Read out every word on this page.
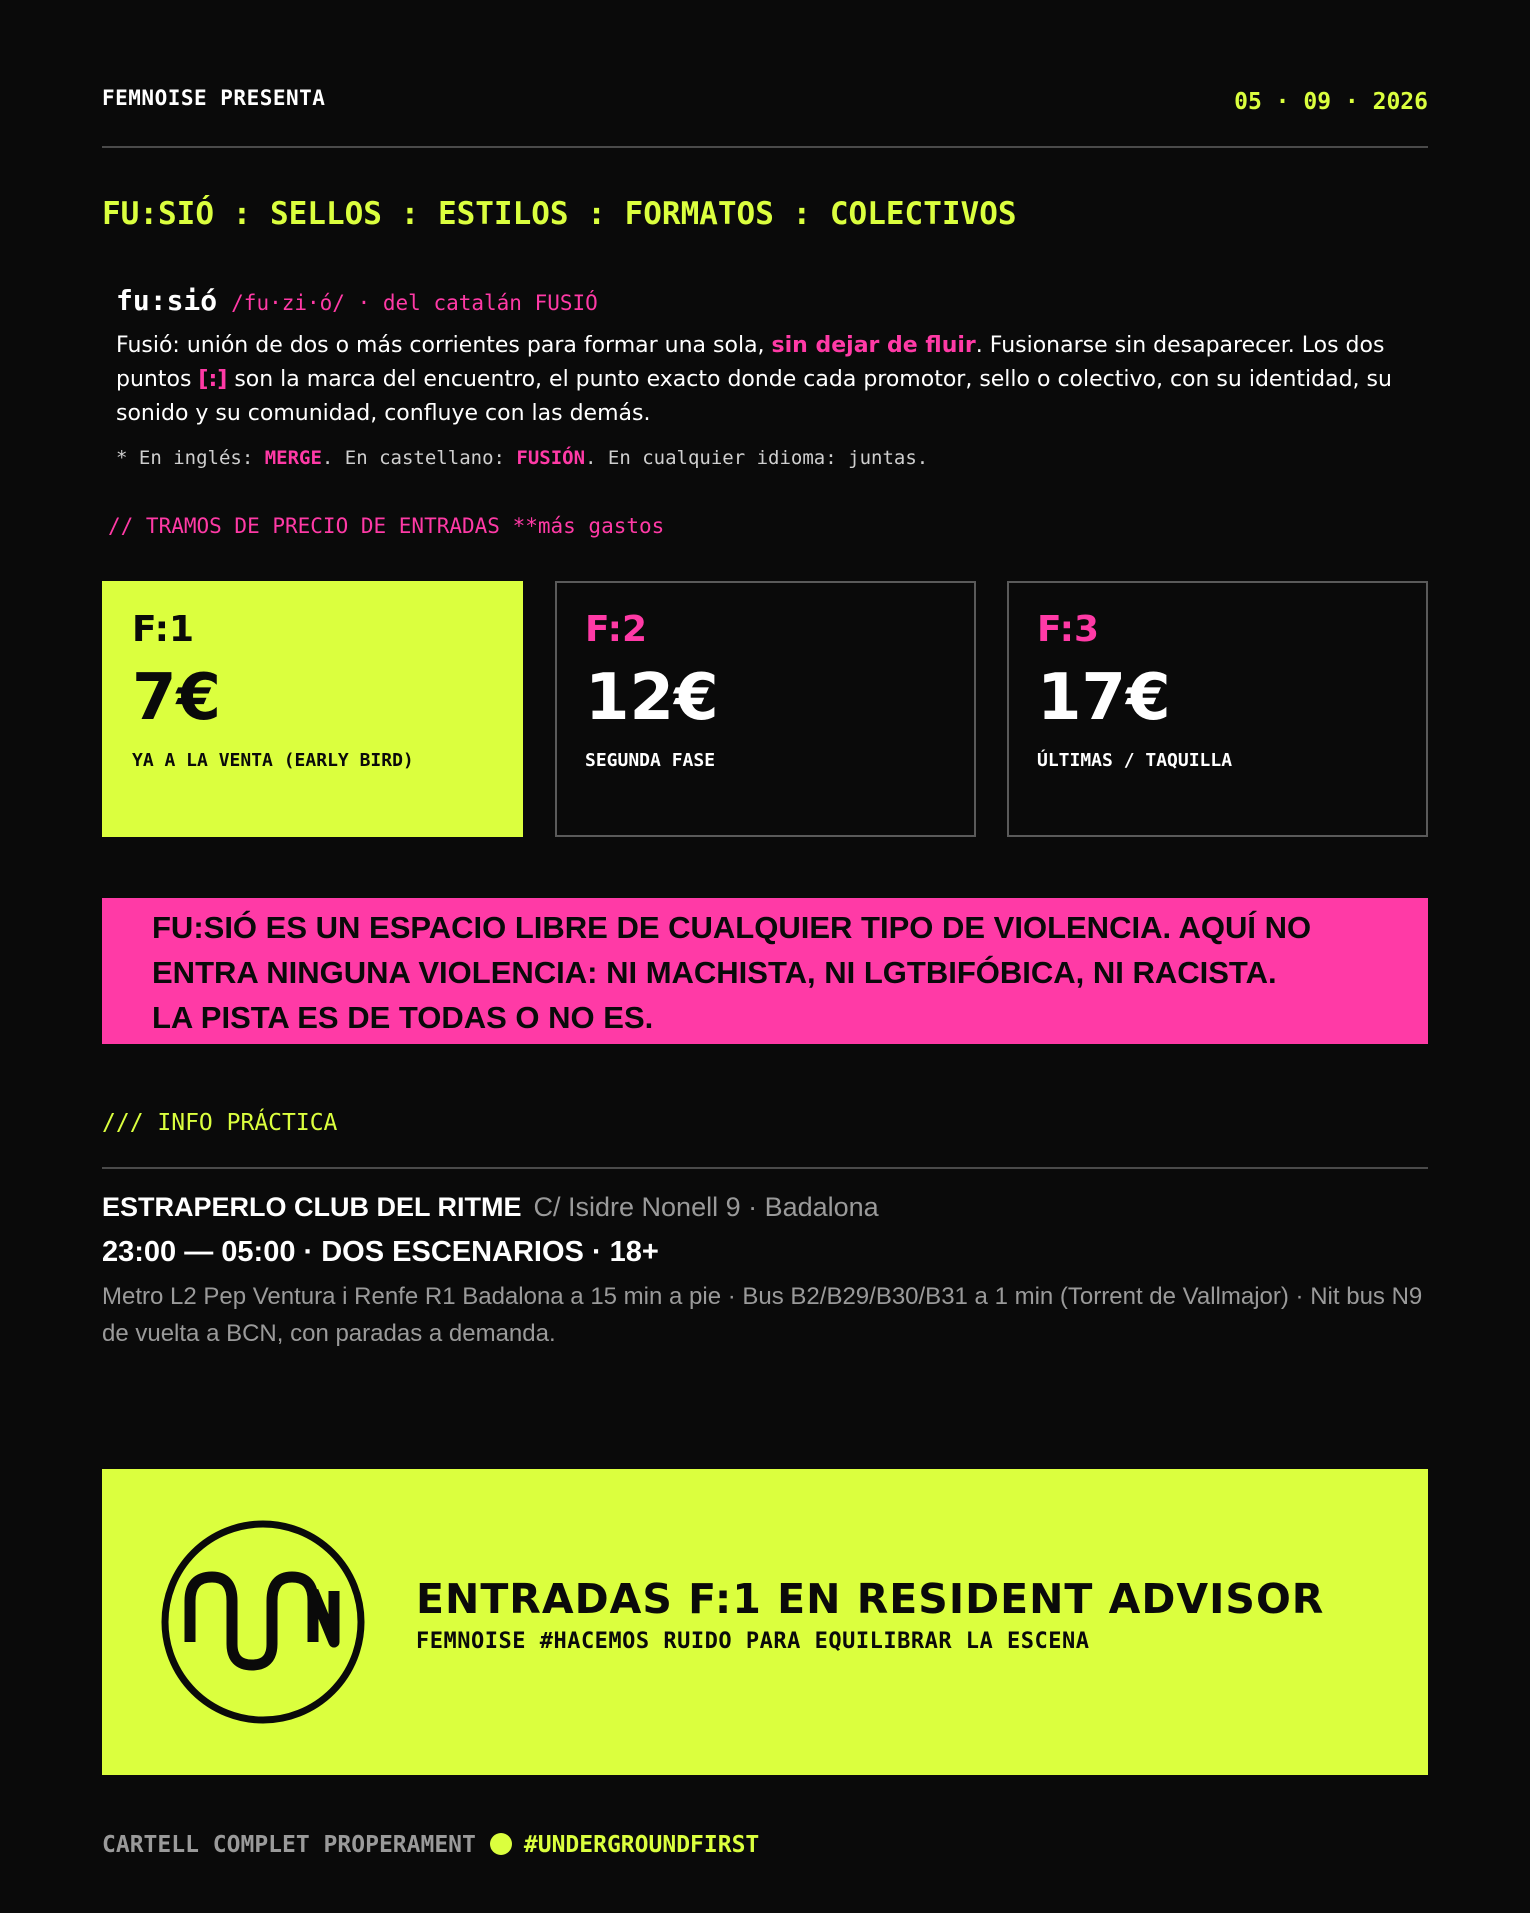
FEMNOISE PRESENTA	05 · 09 · 2026
FU:SIÓ : SELLOS : ESTILOS : FORMATOS : COLECTIVOS
fu:sió /fu·zi·ó/ · del catalán FUSIÓ

Fusió: unión de dos o más corrientes para formar una sola, sin dejar de fluir. Fusionarse sin desaparecer. Los dos puntos [:] son la marca del encuentro, el punto exacto donde cada promotor, sello o colectivo, con su identidad, su sonido y su comunidad, confluye con las demás.

* En inglés: MERGE. En castellano: FUSIÓN. En cualquier idioma: juntas.

// TRAMOS DE PRECIO DE ENTRADAS **más gastos
F:1
7€
YA A LA VENTA (EARLY BIRD)
F:2
12€
SEGUNDA FASE
F:3
17€
ÚLTIMAS / TAQUILLA
FU:SIÓ ES UN ESPACIO LIBRE DE CUALQUIER TIPO DE VIOLENCIA. AQUÍ NO
ENTRA NINGUNA VIOLENCIA: NI MACHISTA, NI LGTBIFÓBICA, NI RACISTA.
LA PISTA ES DE TODAS O NO ES.
/// INFO PRÁCTICA
ESTRAPERLO CLUB DEL RITME C/ Isidre Nonell 9 · Badalona
23:00 — 05:00 · DOS ESCENARIOS · 18+
Metro L2 Pep Ventura i Renfe R1 Badalona a 15 min a pie · Bus B2/B29/B30/B31 a 1 min (Torrent de Vallmajor) · Nit bus N9 de vuelta a BCN, con paradas a demanda.
ENTRADAS F:1 EN RESIDENT ADVISOR
FEMNOISE #HACEMOS RUIDO PARA EQUILIBRAR LA ESCENA
CARTELL COMPLET PROPERAMENT #UNDERGROUNDFIRST
